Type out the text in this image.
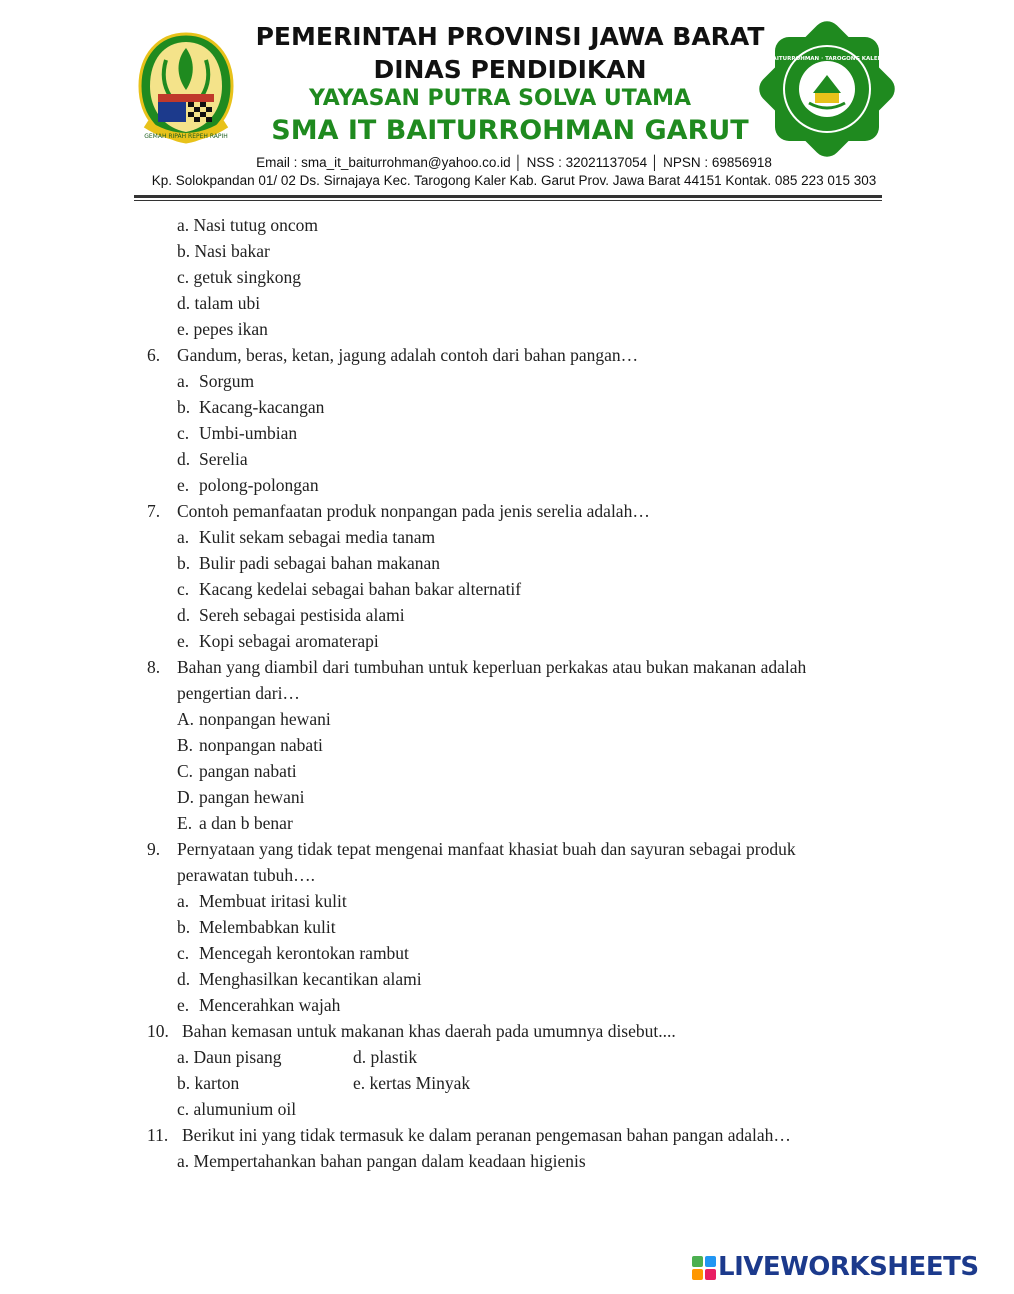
GEMAH RIPAH REPEH RAPIH
SMA IT BAITURROHMAN · TAROGONG KALER · GARUT
PEMERINTAH PROVINSI JAWA BARAT
DINAS PENDIDIKAN
YAYASAN PUTRA SOLVA UTAMA
SMA IT BAITURROHMAN GARUT
Email : sma_it_baiturrohman@yahoo.co.id │ NSS : 32021137054 │ NPSN : 69856918
Kp. Solokpandan 01/ 02 Ds. Sirnajaya Kec. Tarogong Kaler Kab. Garut Prov. Jawa Barat 44151 Kontak. 085 223 015 303
a. Nasi tutug oncom
b. Nasi bakar
c. getuk singkong
d. talam ubi
e. pepes ikan
6. Gandum, beras, ketan, jagung adalah contoh dari bahan pangan…
a. Sorgum
b. Kacang-kacangan
c. Umbi-umbian
d. Serelia
e. polong-polongan
7. Contoh pemanfaatan produk nonpangan pada jenis serelia adalah…
a. Kulit sekam sebagai media tanam
b. Bulir padi sebagai bahan makanan
c. Kacang kedelai sebagai bahan bakar alternatif
d. Sereh sebagai pestisida alami
e. Kopi sebagai aromaterapi
8. Bahan yang diambil dari tumbuhan untuk keperluan perkakas atau bukan makanan adalah
pengertian dari…
A. nonpangan hewani
B. nonpangan nabati
C. pangan nabati
D. pangan hewani
E. a dan b benar
9. Pernyataan yang tidak tepat mengenai manfaat khasiat buah dan sayuran sebagai produk
perawatan tubuh….
a. Membuat iritasi kulit
b. Melembabkan kulit
c. Mencegah kerontokan rambut
d. Menghasilkan kecantikan alami
e. Mencerahkan wajah
10. Bahan kemasan untuk makanan khas daerah pada umumnya disebut....
a. Daun pisang	d. plastik
b. karton	e. kertas Minyak
c. alumunium oil
11. Berikut ini yang tidak termasuk ke dalam peranan pengemasan bahan pangan adalah…
a. Mempertahankan bahan pangan dalam keadaan higienis
LIVEWORKSHEETS
